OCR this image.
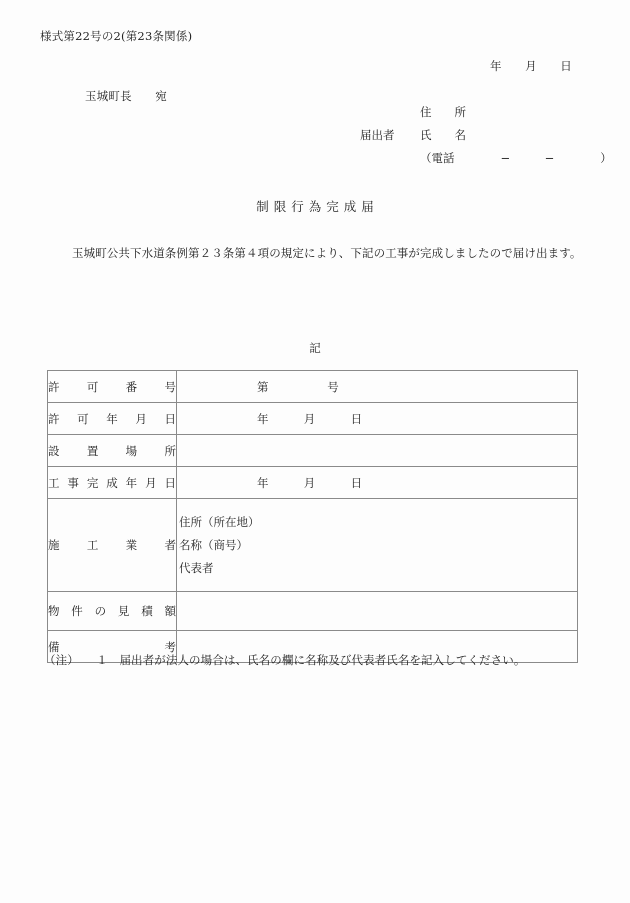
様式第22号の2(第23条関係)
年　　月　　日
玉城町長　　宛

住　　所

届出者

氏　　名

（電話　　　　−　　　−　　　　）

制限行為完成届
玉城町公共下水道条例第２３条第４項の規定により、下記の工事が完成しましたので届け出ます。
記
許　可　番　号	第　　　　　号
許　可　年　月　日	年　　　月　　　日
設　置　場　所	
工事完成年月日	年　　　月　　　日
施　工　業　者	住所（所在地）
名称（商号）
代表者

物　件　の　見　積　額	
備　　　　　考	
（注）　　１　届出者が法人の場合は、氏名の欄に名称及び代表者氏名を記入してください。
